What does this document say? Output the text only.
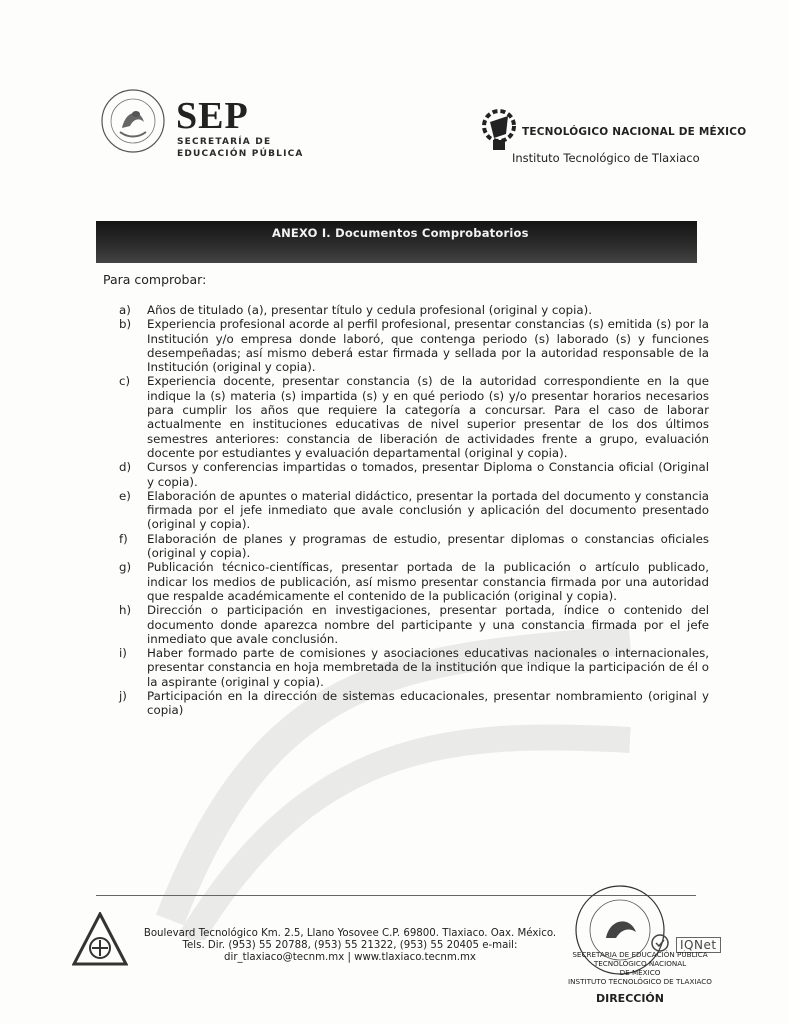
SEP
SECRETARÍA DE
EDUCACIÓN PÚBLICA
TECNOLÓGICO NACIONAL DE MÉXICO
Instituto Tecnológico de Tlaxiaco
ANEXO I. Documentos Comprobatorios
Para comprobar:
a) Años de titulado (a), presentar título y cedula profesional (original y copia).
b) Experiencia profesional acorde al perfil profesional, presentar constancias (s) emitida (s) por la Institución y/o empresa donde laboró, que contenga periodo (s) laborado (s) y funciones desempeñadas; así mismo deberá estar firmada y sellada por la autoridad responsable de la Institución (original y copia).
c) Experiencia docente, presentar constancia (s) de la autoridad correspondiente en la que indique la (s) materia (s) impartida (s) y en qué periodo (s) y/o presentar horarios necesarios para cumplir los años que requiere la categoría a concursar. Para el caso de laborar actualmente en instituciones educativas de nivel superior presentar de los dos últimos semestres anteriores: constancia de liberación de actividades frente a grupo, evaluación docente por estudiantes y evaluación departamental (original y copia).
d) Cursos y conferencias impartidas o tomados, presentar Diploma o Constancia oficial (Original y copia).
e) Elaboración de apuntes o material didáctico, presentar la portada del documento y constancia firmada por el jefe inmediato que avale conclusión y aplicación del documento presentado (original y copia).
f) Elaboración de planes y programas de estudio, presentar diplomas o constancias oficiales (original y copia).
g) Publicación técnico-científicas, presentar portada de la publicación o artículo publicado, indicar los medios de publicación, así mismo presentar constancia firmada por una autoridad que respalde académicamente el contenido de la publicación (original y copia).
h) Dirección o participación en investigaciones, presentar portada, índice o contenido del documento donde aparezca nombre del participante y una constancia firmada por el jefe inmediato que avale conclusión.
i) Haber formado parte de comisiones y asociaciones educativas nacionales o internacionales, presentar constancia en hoja membretada de la institución que indique la participación de él o la aspirante (original y copia).
j) Participación en la dirección de sistemas educacionales, presentar nombramiento (original y copia)
Boulevard Tecnológico Km. 2.5, Llano Yosovee C.P. 69800. Tlaxiaco. Oax. México.
Tels. Dir. (953) 55 20788, (953) 55 21322, (953) 55 20405 e-mail:
dir_tlaxiaco@tecnm.mx | www.tlaxiaco.tecnm.mx
IQNet
SECRETARIA DE EDUCACIÓN PÚBLICA
TECNOLÓGICO NACIONAL
DE MÉXICO
INSTITUTO TECNOLÓGICO DE TLAXIACO
DIRECCIÓN
